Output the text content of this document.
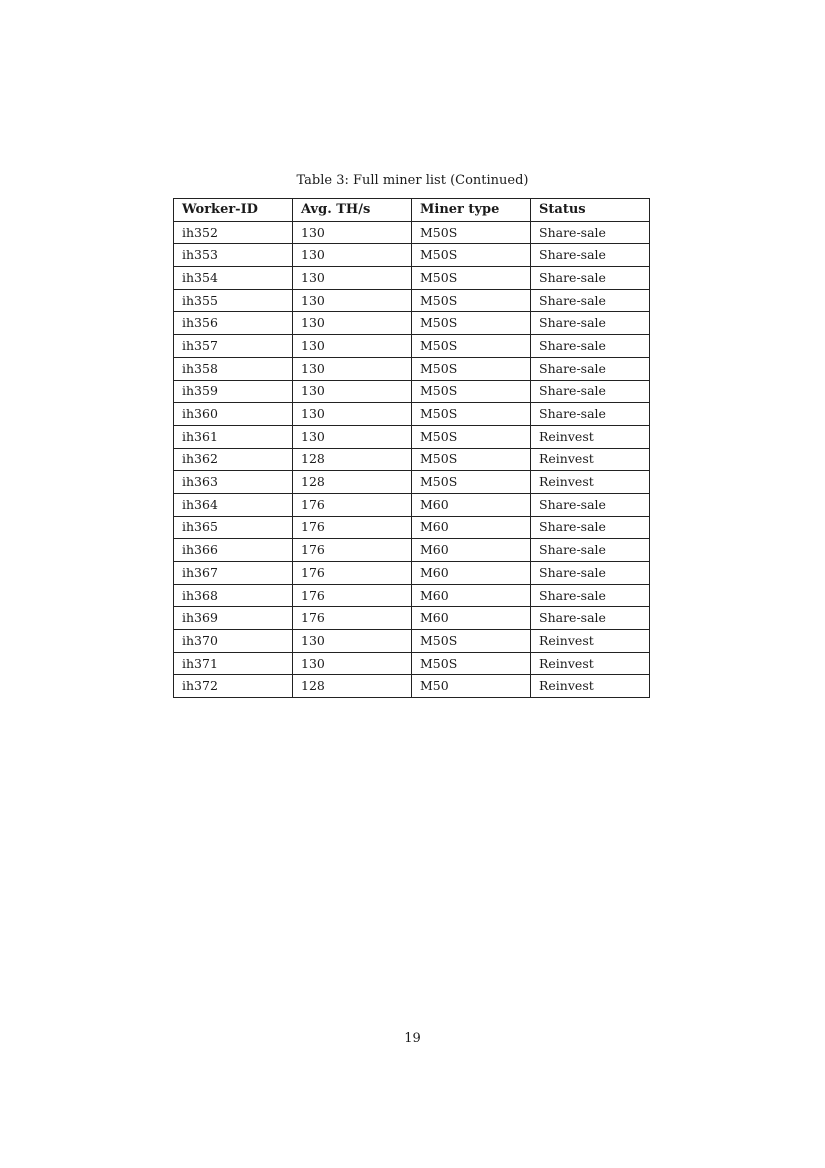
Table 3: Full miner list (Continued)
Worker-ID	Avg. TH/s	Miner type	Status
ih352	130	M50S	Share-sale
ih353	130	M50S	Share-sale
ih354	130	M50S	Share-sale
ih355	130	M50S	Share-sale
ih356	130	M50S	Share-sale
ih357	130	M50S	Share-sale
ih358	130	M50S	Share-sale
ih359	130	M50S	Share-sale
ih360	130	M50S	Share-sale
ih361	130	M50S	Reinvest
ih362	128	M50S	Reinvest
ih363	128	M50S	Reinvest
ih364	176	M60	Share-sale
ih365	176	M60	Share-sale
ih366	176	M60	Share-sale
ih367	176	M60	Share-sale
ih368	176	M60	Share-sale
ih369	176	M60	Share-sale
ih370	130	M50S	Reinvest
ih371	130	M50S	Reinvest
ih372	128	M50	Reinvest
19
